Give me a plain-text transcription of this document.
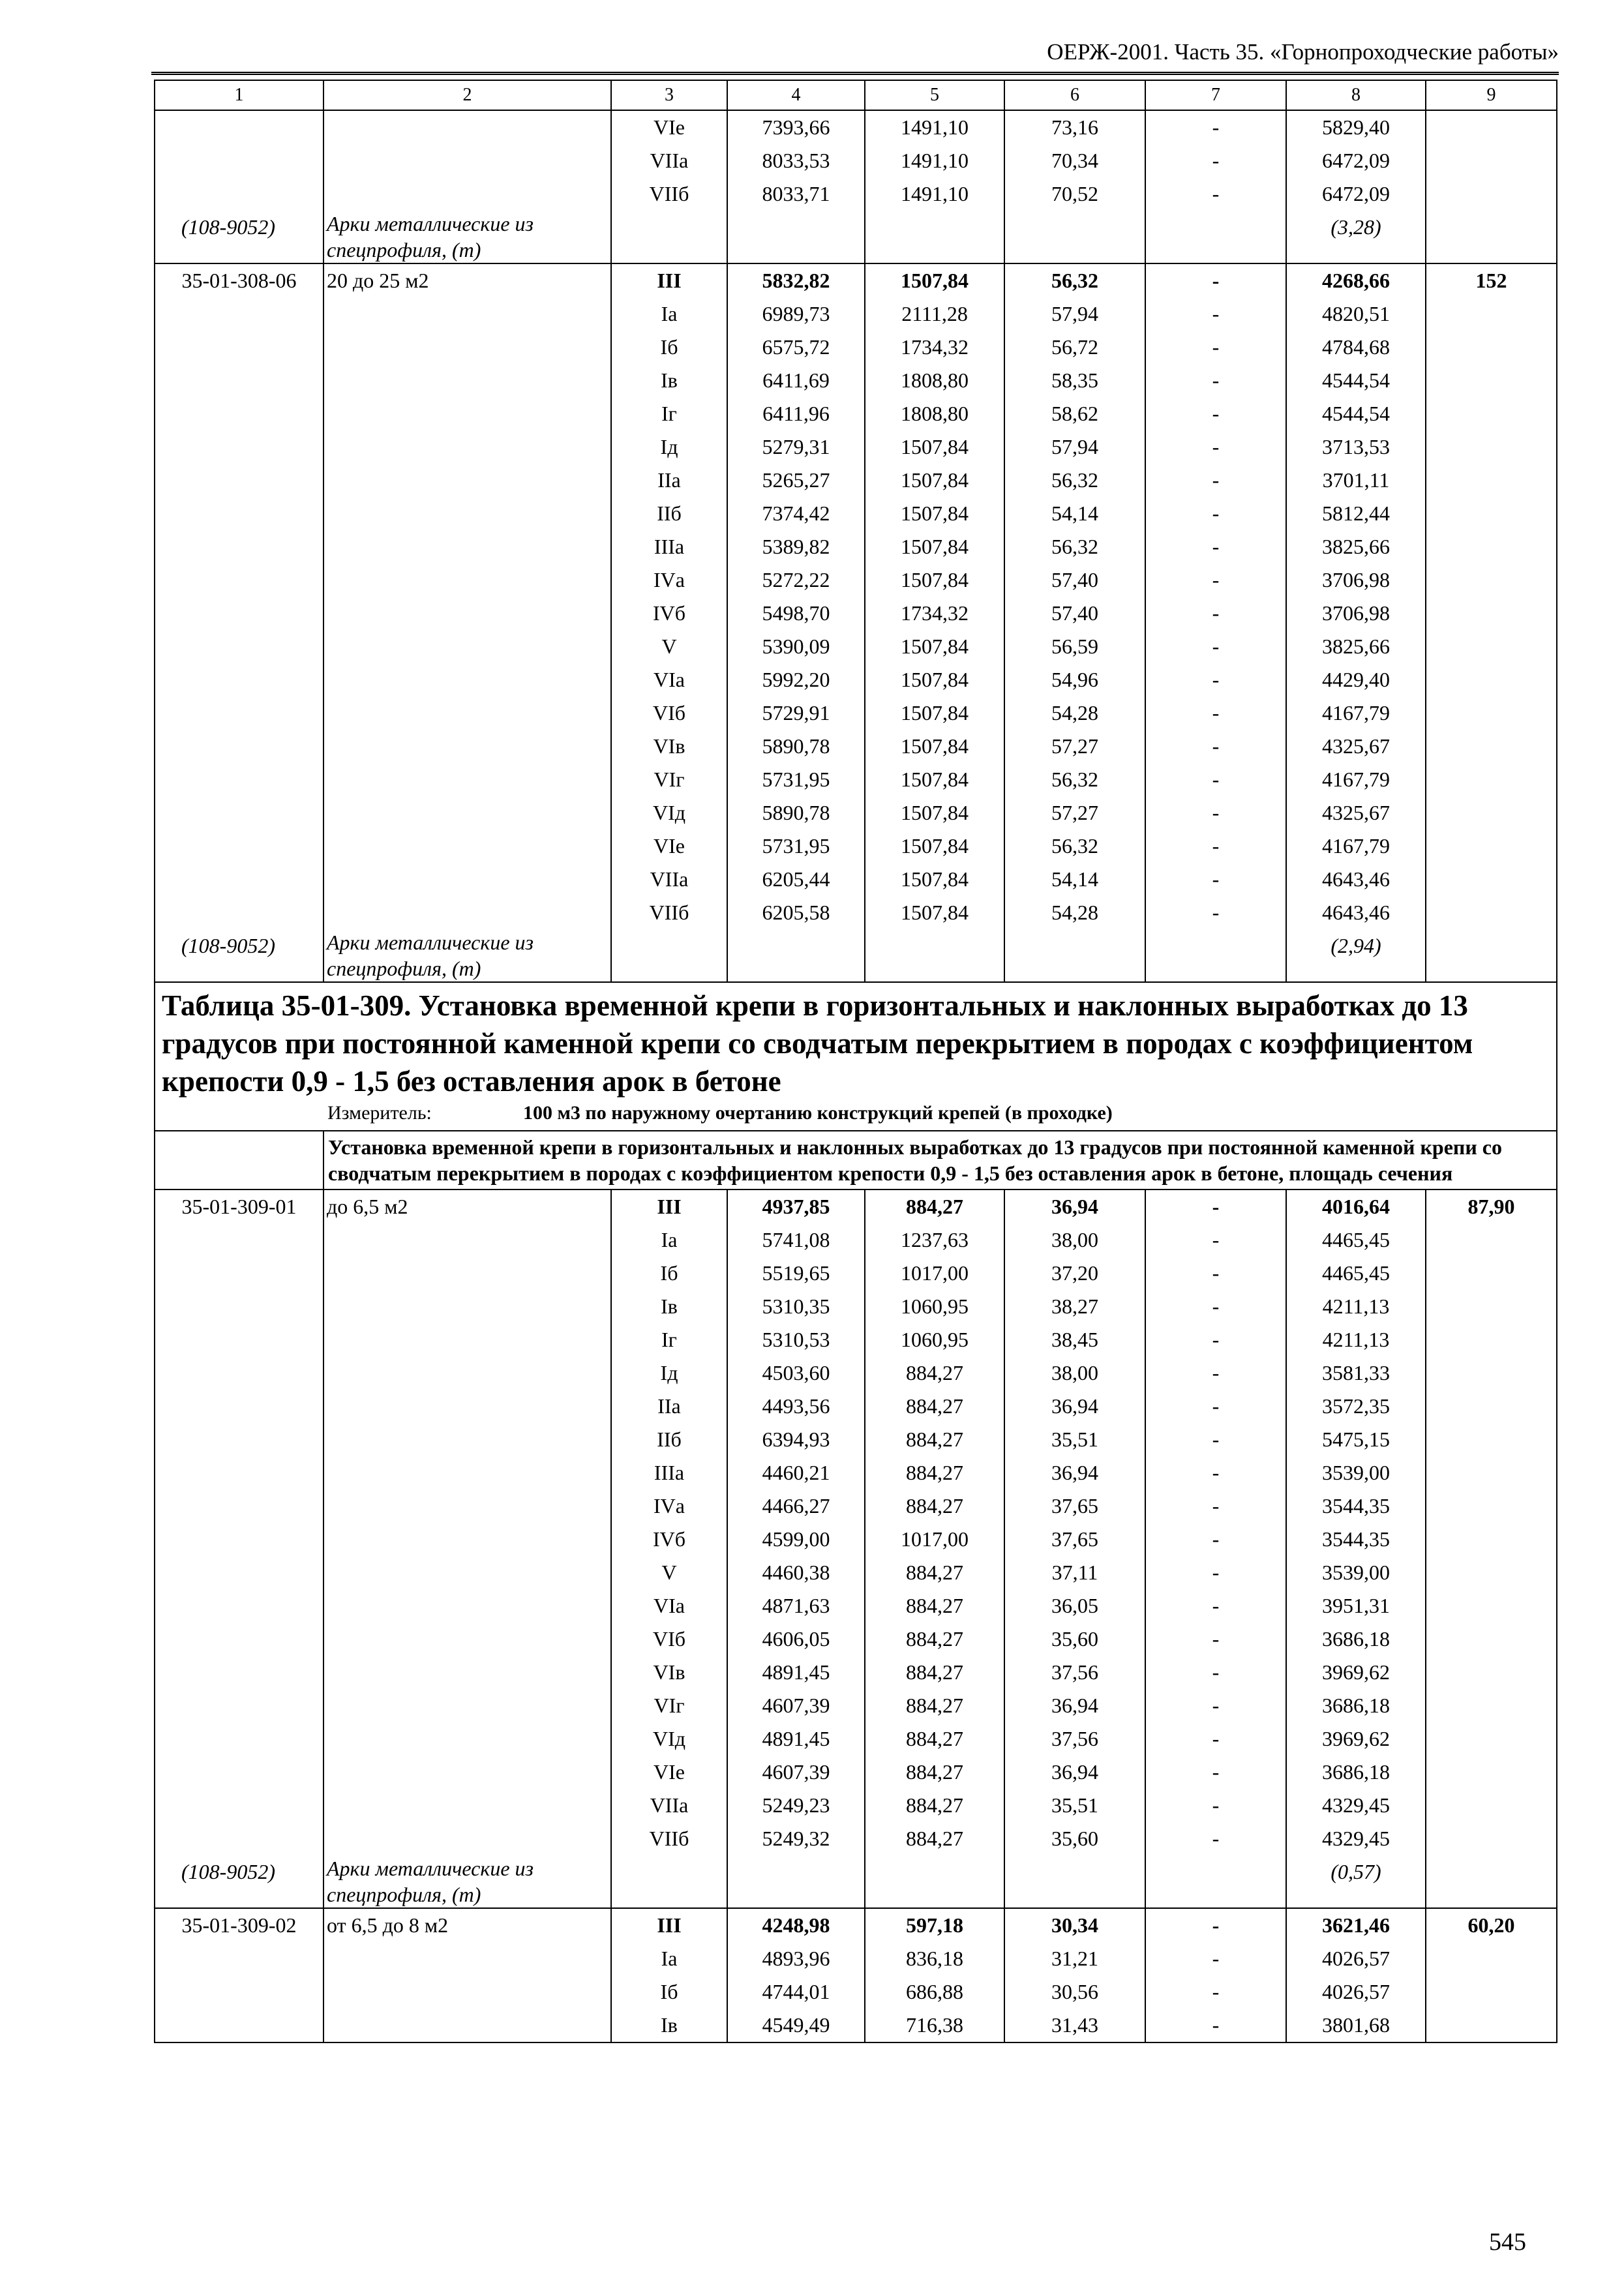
ОЕРЖ-2001. Часть 35. «Горнопроходческие работы»
1	2	3	4	5	6	7	8	9
		VIе	7393,66	1491,10	73,16	-	5829,40	
		VIIа	8033,53	1491,10	70,34	-	6472,09	
		VIIб	8033,71	1491,10	70,52	-	6472,09	
(108-9052)	Арки металлические из спецпрофиля, (т)						(3,28)	
35-01-308-06	20 до 25 м2	III	5832,82	1507,84	56,32	-	4268,66	152
		Iа	6989,73	2111,28	57,94	-	4820,51	
		Iб	6575,72	1734,32	56,72	-	4784,68	
		Iв	6411,69	1808,80	58,35	-	4544,54	
		Iг	6411,96	1808,80	58,62	-	4544,54	
		Iд	5279,31	1507,84	57,94	-	3713,53	
		IIа	5265,27	1507,84	56,32	-	3701,11	
		IIб	7374,42	1507,84	54,14	-	5812,44	
		IIIа	5389,82	1507,84	56,32	-	3825,66	
		IVа	5272,22	1507,84	57,40	-	3706,98	
		IVб	5498,70	1734,32	57,40	-	3706,98	
		V	5390,09	1507,84	56,59	-	3825,66	
		VIа	5992,20	1507,84	54,96	-	4429,40	
		VIб	5729,91	1507,84	54,28	-	4167,79	
		VIв	5890,78	1507,84	57,27	-	4325,67	
		VIг	5731,95	1507,84	56,32	-	4167,79	
		VIд	5890,78	1507,84	57,27	-	4325,67	
		VIе	5731,95	1507,84	56,32	-	4167,79	
		VIIа	6205,44	1507,84	54,14	-	4643,46	
		VIIб	6205,58	1507,84	54,28	-	4643,46	
(108-9052)	Арки металлические из спецпрофиля, (т)						(2,94)	
Таблица 35-01-309. Установка временной крепи в горизонтальных и наклонных выработках до 13 градусов при постоянной каменной крепи со сводчатым перекрытием в породах с коэффициентом крепости 0,9 - 1,5 без оставления арок в бетоне								
Измеритель: 100 м3 по наружному очертанию конструкций крепей (в проходке)								
	Установка временной крепи в горизонтальных и наклонных выработках до 13 градусов при постоянной каменной крепи со сводчатым перекрытием в породах с коэффициентом крепости 0,9 - 1,5 без оставления арок в бетоне, площадь сечения							
35-01-309-01	до 6,5 м2	III	4937,85	884,27	36,94	-	4016,64	87,90
		Iа	5741,08	1237,63	38,00	-	4465,45	
		Iб	5519,65	1017,00	37,20	-	4465,45	
		Iв	5310,35	1060,95	38,27	-	4211,13	
		Iг	5310,53	1060,95	38,45	-	4211,13	
		Iд	4503,60	884,27	38,00	-	3581,33	
		IIа	4493,56	884,27	36,94	-	3572,35	
		IIб	6394,93	884,27	35,51	-	5475,15	
		IIIа	4460,21	884,27	36,94	-	3539,00	
		IVа	4466,27	884,27	37,65	-	3544,35	
		IVб	4599,00	1017,00	37,65	-	3544,35	
		V	4460,38	884,27	37,11	-	3539,00	
		VIа	4871,63	884,27	36,05	-	3951,31	
		VIб	4606,05	884,27	35,60	-	3686,18	
		VIв	4891,45	884,27	37,56	-	3969,62	
		VIг	4607,39	884,27	36,94	-	3686,18	
		VIд	4891,45	884,27	37,56	-	3969,62	
		VIе	4607,39	884,27	36,94	-	3686,18	
		VIIа	5249,23	884,27	35,51	-	4329,45	
		VIIб	5249,32	884,27	35,60	-	4329,45	
(108-9052)	Арки металлические из спецпрофиля, (т)						(0,57)	
35-01-309-02	от 6,5 до 8 м2	III	4248,98	597,18	30,34	-	3621,46	60,20
		Iа	4893,96	836,18	31,21	-	4026,57	
		Iб	4744,01	686,88	30,56	-	4026,57	
		Iв	4549,49	716,38	31,43	-	3801,68	
545
